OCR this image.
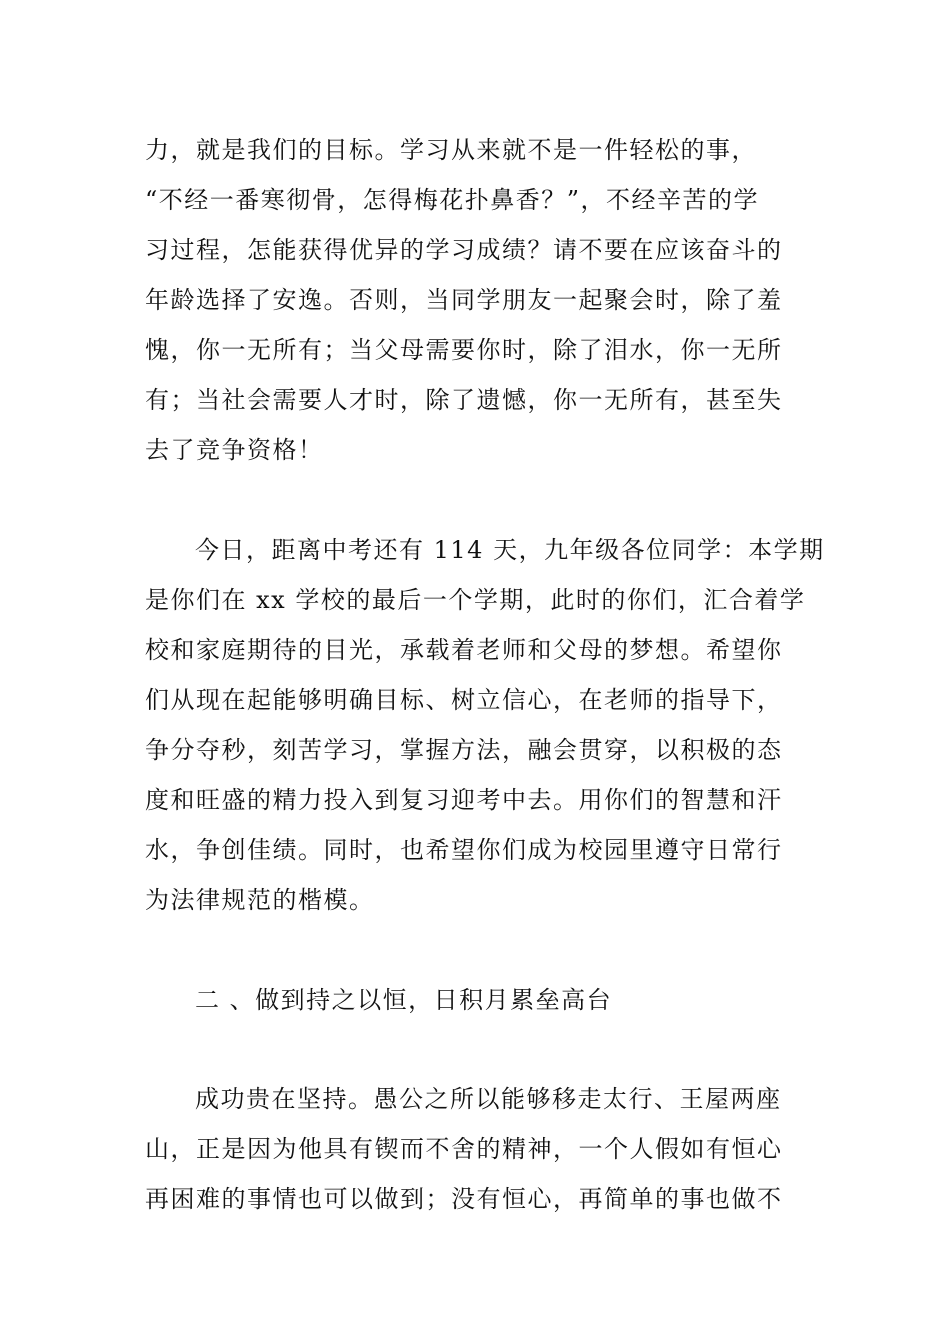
力，就是我们的目标。学习从来就不是一件轻松的事，
“不经一番寒彻骨，怎得梅花扑鼻香？”，不经辛苦的学
习过程，怎能获得优异的学习成绩？请不要在应该奋斗的
年龄选择了安逸。否则，当同学朋友一起聚会时，除了羞
愧，你一无所有；当父母需要你时，除了泪水，你一无所
有；当社会需要人才时，除了遗憾，你一无所有，甚至失
去了竞争资格！
今日，距离中考还有 114 天，九年级各位同学：本学期
是你们在 xx 学校的最后一个学期，此时的你们，汇合着学
校和家庭期待的目光，承载着老师和父母的梦想。希望你
们从现在起能够明确目标、树立信心，在老师的指导下，
争分夺秒，刻苦学习，掌握方法，融会贯穿，以积极的态
度和旺盛的精力投入到复习迎考中去。用你们的智慧和汗
水，争创佳绩。同时，也希望你们成为校园里遵守日常行
为法律规范的楷模。
二 、做到持之以恒，日积月累垒高台
成功贵在坚持。愚公之所以能够移走太行、王屋两座
山，正是因为他具有锲而不舍的精神，一个人假如有恒心
再困难的事情也可以做到；没有恒心，再简单的事也做不
